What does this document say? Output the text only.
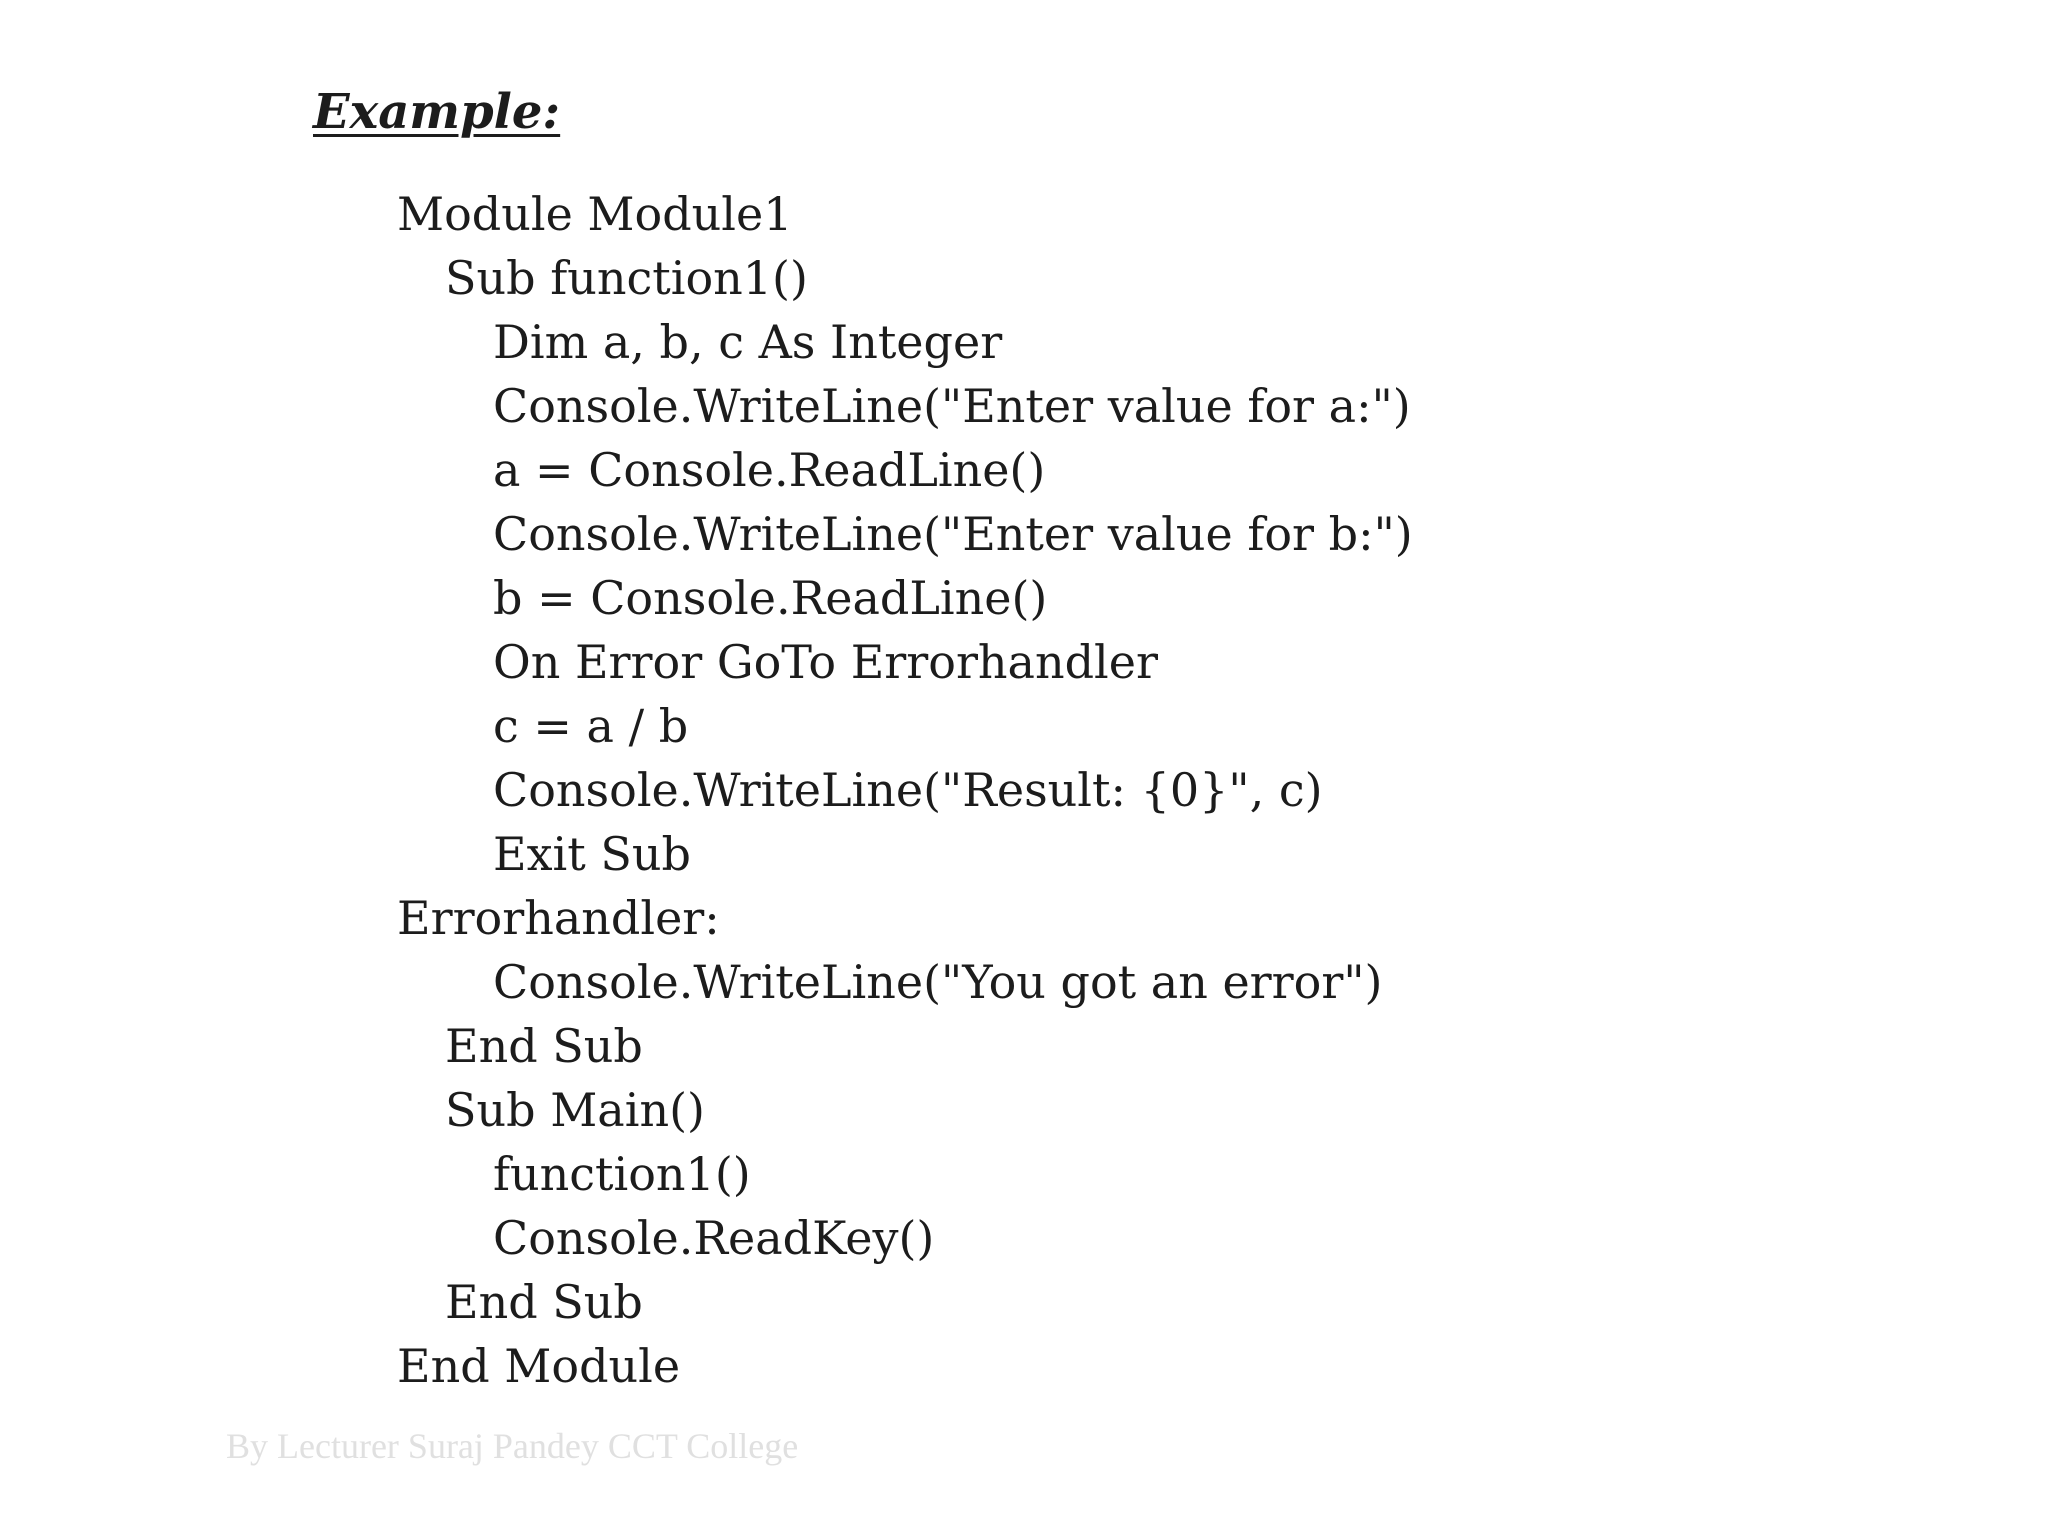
Example:
Module Module1
Sub function1()
Dim a, b, c As Integer
Console.WriteLine("Enter value for a:")
a = Console.ReadLine()
Console.WriteLine("Enter value for b:")
b = Console.ReadLine()
On Error GoTo Errorhandler
c = a / b
Console.WriteLine("Result: {0}", c)
Exit Sub
Errorhandler:
Console.WriteLine("You got an error")
End Sub
Sub Main()
function1()
Console.ReadKey()
End Sub
End Module
By Lecturer Suraj Pandey CCT College
